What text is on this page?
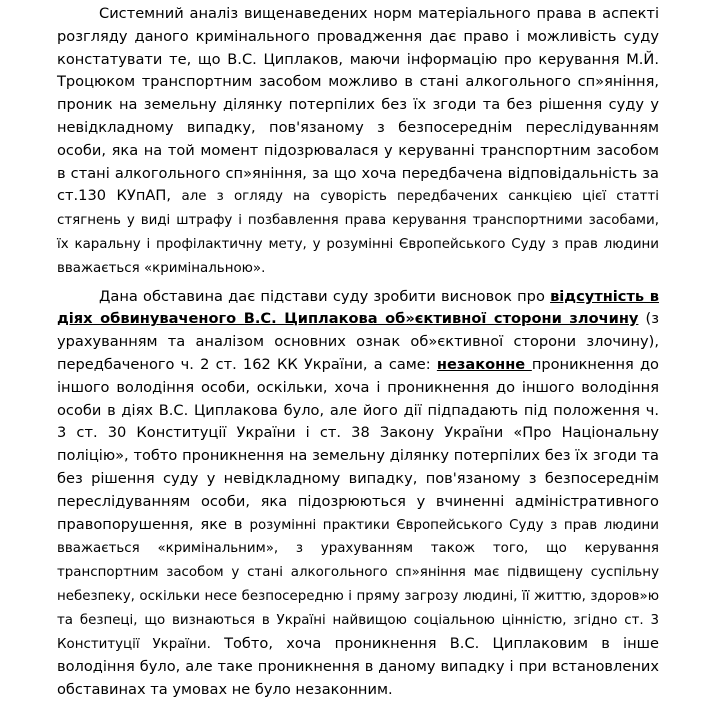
Системний аналіз вищенаведених норм матеріального права в аспекті розгляду даного кримінального провадження дає право і можливість суду констатувати те, що В.С. Циплаков, маючи інформацію про керування М.Й. Троцюком транспортним засобом можливо в стані алкогольного сп»яніння, проник на земельну ділянку потерпілих без їх згоди та без рішення суду у невідкладному випадку, пов'язаному з безпосереднім переслідуванням особи, яка на той момент підозрювалася у керуванні транспортним засобом в стані алкогольного сп»яніння, за що хоча передбачена відповідальність за ст.130 КУпАП, але з огляду на суворість передбачених санкцією цієї статті стягнень у виді штрафу і позбавлення права керування транспортними засобами, їх каральну і профілактичну мету, у розумінні Європейського Суду з прав людини вважається «кримінальною».

Дана обставина дає підстави суду зробити висновок про відсутність в діях обвинуваченого В.С. Циплакова об»єктивної сторони злочину (з урахуванням та аналізом основних ознак об»єктивної сторони злочину), передбаченого ч. 2 ст. 162 КК України, а саме: незаконне проникнення до іншого володіння особи, оскільки, хоча і проникнення до іншого володіння особи в діях В.С. Циплакова було, але його дії підпадають під положення ч. 3 ст. 30 Конституції України і ст. 38 Закону України «Про Національну поліцію», тобто проникнення на земельну ділянку потерпілих без їх згоди та без рішення суду у невідкладному випадку, пов'язаному з безпосереднім переслідуванням особи, яка підозрюються у вчиненні адміністративного правопорушення, яке в розумінні практики Європейського Суду з прав людини вважається «кримінальним», з урахуванням також того, що керування транспортним засобом у стані алкогольного сп»яніння має підвищену суспільну небезпеку, оскільки несе безпосередню і пряму загрозу людині, її життю, здоров»ю та безпеці, що визнаються в Україні найвищою соціальною цінністю, згідно ст. 3 Конституції України. Тобто, хоча проникнення В.С. Циплаковим в інше володіння було, але таке проникнення в даному випадку і при встановлених обставинах та умовах не було незаконним.
